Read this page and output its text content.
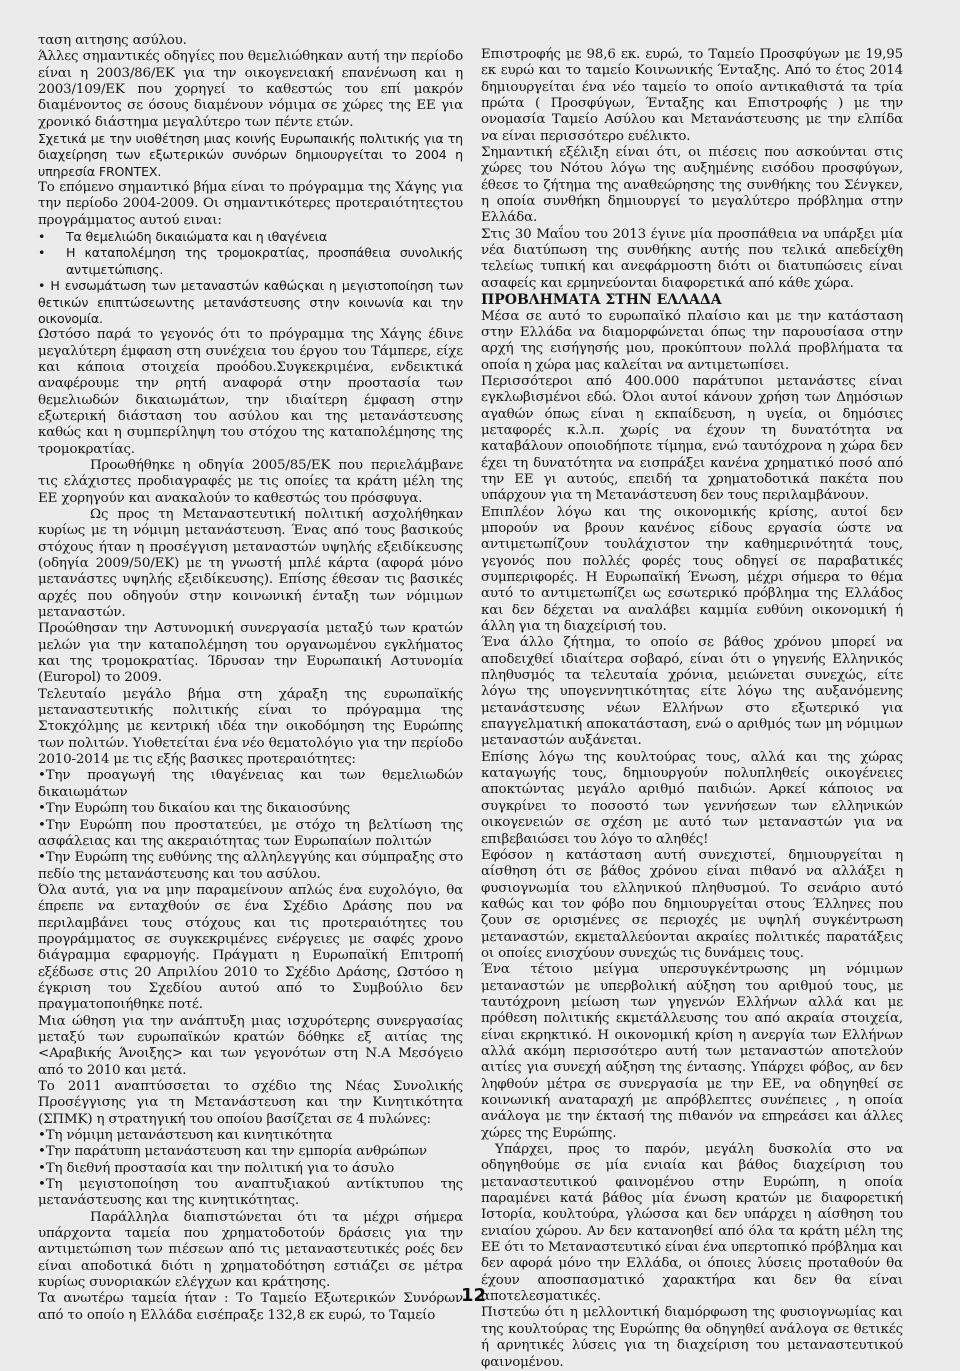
ταση αιτησης ασύλου.

Άλλες σημαντικές οδηγίες που θεμελιώθηκαν αυτή την περίοδο είναι η 2003/86/ΕΚ για την οικογενειακή επανένωση και η 2003/109/ΕΚ που χορηγεί το καθεστώς του επί μακρόν διαμένοντος σε όσους διαμένουν νόμιμα σε χώρες της ΕΕ για χρονικό διάστημα μεγαλύτερο των πέντε ετών.

Σχετικά με την υιοθέτηση μιας κοινής Ευρωπαικής πολιτικής για τη διαχείρηση των εξωτερικών συνόρων δημιουργείται το 2004 η υπηρεσία FRONTEX.

Το επόμενο σημαντικό βήμα είναι το πρόγραμμα της Χάγης για την περίοδο 2004-2009. Οι σημαντικότερες προτεραιότητεςτου προγράμματος αυτού ειναι:

•	Τα θεμελιώδη δικαιώματα και η ιθαγένεια

•	Η καταπολέμηση της τρομοκρατίας, προσπάθεια συνολικής αντιμετώπισης.

• Η ενσωμάτωση των μεταναστών καθώςκαι η μεγιστοποίηση των θετικών επιπτώσεωντης μετανάστευσης στην κοινωνία και την οικονομία.

Ωστόσο παρά το γεγονός ότι το πρόγραμμα της Χάγης έδινε μεγαλύτερη έμφαση στη συνέχεια του έργου του Τάμπερε, είχε και κάποια στοιχεία προόδου.Συγκεκριμένα, ενδεικτικά αναφέρουμε την ρητή αναφορά στην προστασία των θεμελιωδών δικαιωμάτων, την ιδιαίτερη έμφαση στην εξωτερική διάσταση του ασύλου και της μετανάστευσης καθώς και η συμπερίληψη του στόχου της καταπολέμησης της τρομοκρατίας.

Προωθήθηκε η οδηγία 2005/85/ΕΚ που περιελάμβανε τις ελάχιστες προδιαγραφές με τις οποίες τα κράτη μέλη της ΕΕ χορηγούν και ανακαλούν το καθεστώς του πρόσφυγα.

Ως προς τη Μεταναστευτική πολιτική ασχολήθηκαν κυρίως με τη νόμιμη μετανάστευση. Ένας από τους βασικούς στόχους ήταν η προσέγγιση μεταναστών υψηλής εξειδίκευσης (οδηγία 2009/50/ΕΚ) με τη γνωστή μπλέ κάρτα (αφορά μόνο μετανάστες υψηλής εξειδίκευσης). Επίσης έθεσαν τις βασικές αρχές που οδηγούν στην κοινωνική ένταξη των νόμιμων μεταναστών.

Προώθησαν την Αστυνομική συνεργασία μεταξύ των κρατών μελών για την καταπολέμηση του οργανωμένου εγκλήματος και της τρομοκρατίας. Ίδρυσαν την Ευρωπαική Αστυνομία (Europol) το 2009.

Τελευταίο μεγάλο βήμα στη χάραξη της ευρωπαϊκής μεταναστευτικής πολιτικής είναι το πρόγραμμα της Στοκχόλμης με κεντρική ιδέα την οικοδόμηση της Ευρώπης των πολιτών. Υιοθετείται ένα νέο θεματολόγιο για την περίοδο 2010-2014 με τις εξής βασικες προτεραιότητες:

•Την προαγωγή της ιθαγένειας και των θεμελιωδών δικαιωμάτων

•Την Ευρώπη του δικαίου και της δικαιοσύνης

•Την Ευρώπη που προστατεύει, με στόχο τη βελτίωση της ασφάλειας και της ακεραιότητας των Ευρωπαίων πολιτών

•Την Ευρώπη της ευθύνης της αλληλεγγύης και σύμπραξης στο πεδίο της μετανάστευσης και του ασύλου.

Όλα αυτά, για να μην παραμείνουν απλώς ένα ευχολόγιο, θα έπρεπε να ενταχθούν σε ένα Σχέδιο Δράσης που να περιλαμβάνει τους στόχους και τις προτεραιότητες του προγράμματος σε συγκεκριμένες ενέργειες με σαφές χρονο διάγραμμα εφαρμογής. Πράγματι η Ευρωπαϊκή Επιτροπή εξέδωσε στις 20 Απριλίου 2010 το Σχέδιο Δράσης, Ωστόσο η έγκριση του Σχεδίου αυτού από το Συμβούλιο δεν πραγματοποιήθηκε ποτέ.

Μια ώθηση για την ανάπτυξη μιας ισχυρότερης συνεργασίας μεταξύ των ευρωπαϊκών κρατών δόθηκε εξ αιτίας της <Αραβικής Άνοιξης> και των γεγονότων στη Ν.Α Μεσόγειο από το 2010 και μετά.

Το 2011 αναπτύσσεται το σχέδιο της Νέας Συνολικής Προσέγγισης για τη Μετανάστευση και την Κινητικότητα (ΣΠΜΚ) η στρατηγική του οποίου βασίζεται σε 4 πυλώνες:

•Τη νόμιμη μετανάστευση και κινητικότητα

•Την παράτυπη μετανάστευση και την εμπορία ανθρώπων

•Τη διεθνή προστασία και την πολιτική για το άσυλο

•Τη μεγιστοποίηση του αναπτυξιακού αντίκτυπου της μετανάστευσης και της κινητικότητας.

Παράλληλα διαπιστώνεται ότι τα μέχρι σήμερα υπάρχοντα ταμεία που χρηματοδοτούν δράσεις για την αντιμετώπιση των πιέσεων από τις μεταναστευτικές ροές δεν είναι αποδοτικά διότι η χρηματοδότηση εστιάζει σε μέτρα κυρίως συνοριακών ελέγχων και κράτησης.

Τα ανωτέρω ταμεία ήταν : Το Ταμείο Εξωτερικών Συνόρων από το οποίο η Ελλάδα εισέπραξε 132,8 εκ ευρώ, το Ταμείο

Επιστροφής με 98,6 εκ. ευρώ, το Ταμείο Προσφύγων με 19,95 εκ ευρώ και το ταμείο Κοινωνικής Ένταξης. Από το έτος 2014 δημιουργείται ένα νέο ταμείο το οποίο αντικαθιστά τα τρία πρώτα ( Προσφύγων, Ένταξης και Επιστροφής ) με την ονομασία Ταμείο Ασύλου και Μετανάστευσης με την ελπίδα να είναι περισσότερο ευέλικτο.

Σημαντική εξέλιξη είναι ότι, οι πιέσεις που ασκούνται στις χώρες του Νότου λόγω της αυξημένης εισόδου προσφύγων, έθεσε το ζήτημα της αναθεώρησης της συνθήκης του Σένγκεν, η οποία συνθήκη δημιουργεί το μεγαλύτερο πρόβλημα στην Ελλάδα.

Στις 30 Μαΐου του 2013 έγινε μία προσπάθεια να υπάρξει μία νέα διατύπωση της συνθήκης αυτής που τελικά απεδείχθη τελείως τυπική και ανεφάρμοστη διότι οι διατυπώσεις είναι ασαφείς και ερμηνεύονται διαφορετικά από κάθε χώρα.

ΠΡΟΒΛΗΜΑΤΑ ΣΤΗΝ ΕΛΛΑΔΑ

Μέσα σε αυτό το ευρωπαϊκό πλαίσιο και με την κατάσταση στην Ελλάδα να διαμορφώνεται όπως την παρουσίασα στην αρχή της εισήγησής μου, προκύπτουν πολλά προβλήματα τα οποία η χώρα μας καλείται να αντιμετωπίσει.

Περισσότεροι από 400.000 παράτυποι μετανάστες είναι εγκλωβισμένοι εδώ. Όλοι αυτοί κάνουν χρήση των Δημόσιων αγαθών όπως είναι η εκπαίδευση, η υγεία, οι δημόσιες μεταφορές κ.λ.π. χωρίς να έχουν τη δυνατότητα να καταβάλουν οποιοδήποτε τίμημα, ενώ ταυτόχρονα η χώρα δεν έχει τη δυνατότητα να εισπράξει κανένα χρηματικό ποσό από την ΕΕ γι αυτούς, επειδή τα χρηματοδοτικά πακέτα που υπάρχουν για τη Μετανάστευση δεν τους περιλαμβάνουν.

Επιπλέον λόγω και της οικονομικής κρίσης, αυτοί δεν μπορούν να βρουν κανένος είδους εργασία ώστε να αντιμετωπίζουν τουλάχιστον την καθημερινότητά τους, γεγονός που πολλές φορές τους οδηγεί σε παραβατικές συμπεριφορές. Η Ευρωπαϊκή Ένωση, μέχρι σήμερα το θέμα αυτό το αντιμετωπίζει ως εσωτερικό πρόβλημα της Ελλάδος και δεν δέχεται να αναλάβει καμμία ευθύνη οικονομική ή άλλη για τη διαχείρισή του.

Ένα άλλο ζήτημα, το οποίο σε βάθος χρόνου μπορεί να αποδειχθεί ιδιαίτερα σοβαρό, είναι ότι ο γηγενής Ελληνικός πληθυσμός τα τελευταία χρόνια, μειώνεται συνεχώς, είτε λόγω της υπογεννητικότητας είτε λόγω της αυξανόμενης μετανάστευσης νέων Ελλήνων στο εξωτερικό για επαγγελματική αποκατάσταση, ενώ ο αριθμός των μη νόμιμων μεταναστών αυξάνεται.

Επίσης λόγω της κουλτούρας τους, αλλά και της χώρας καταγωγής τους, δημιουργούν πολυπληθείς οικογένειες αποκτώντας μεγάλο αριθμό παιδιών. Αρκεί κάποιος να συγκρίνει το ποσοστό των γεννήσεων των ελληνικών οικογενειών σε σχέση με αυτό των μεταναστών για να επιβεβαιώσει του λόγο το αληθές!

Εφόσον η κατάσταση αυτή συνεχιστεί, δημιουργείται η αίσθηση ότι σε βάθος χρόνου είναι πιθανό να αλλάξει η φυσιογνωμία του ελληνικού πληθυσμού. Το σενάριο αυτό καθώς και τον φόβο που δημιουργείται στους Έλληνες που ζουν σε ορισμένες σε περιοχές με υψηλή συγκέντρωση μεταναστών, εκμεταλλεύονται ακραίες πολιτικές παρατάξεις οι οποίες ενισχύουν συνεχώς τις δυνάμεις τους.

Ένα τέτοιο μείγμα υπερσυγκέντρωσης μη νόμιμων μεταναστών με υπερβολική αύξηση του αριθμού τους, με ταυτόχρονη μείωση των γηγενών Ελλήνων αλλά και με πρόθεση πολιτικής εκμετάλλευσης του από ακραία στοιχεία, είναι εκρηκτικό. Η οικονομική κρίση η ανεργία των Ελλήνων αλλά ακόμη περισσότερο αυτή των μεταναστών αποτελούν αιτίες για συνεχή αύξηση της έντασης. Υπάρχει φόβος, αν δεν ληφθούν μέτρα σε συνεργασία με την ΕΕ, να οδηγηθεί σε κοινωνική αναταραχή με απρόβλεπτες συνέπειες , η οποία ανάλογα με την έκτασή της πιθανόν να επηρεάσει και άλλες χώρες της Ευρώπης.

Υπάρχει, προς το παρόν, μεγάλη δυσκολία στο να οδηγηθούμε σε μία ενιαία και βάθος διαχείριση του μεταναστευτικού φαινομένου στην Ευρώπη, η οποία παραμένει κατά βάθος μία ένωση κρατών με διαφορετική Ιστορία, κουλτούρα, γλώσσα και δεν υπάρχει η αίσθηση του ενιαίου χώρου. Αν δεν κατανοηθεί από όλα τα κράτη μέλη της ΕΕ ότι το Μεταναστευτικό είναι ένα υπερτοπικό πρόβλημα και δεν αφορά μόνο την Ελλάδα, οι όποιες λύσεις προταθούν θα έχουν αποσπασματικό χαρακτήρα και δεν θα είναι αποτελεσματικές.

Πιστεύω ότι η μελλοντική διαμόρφωση της φυσιογνωμίας και της κουλτούρας της Ευρώπης θα οδηγηθεί ανάλογα σε θετικές ή αρνητικές λύσεις για τη διαχείριση του μεταναστευτικού φαινομένου.

12
